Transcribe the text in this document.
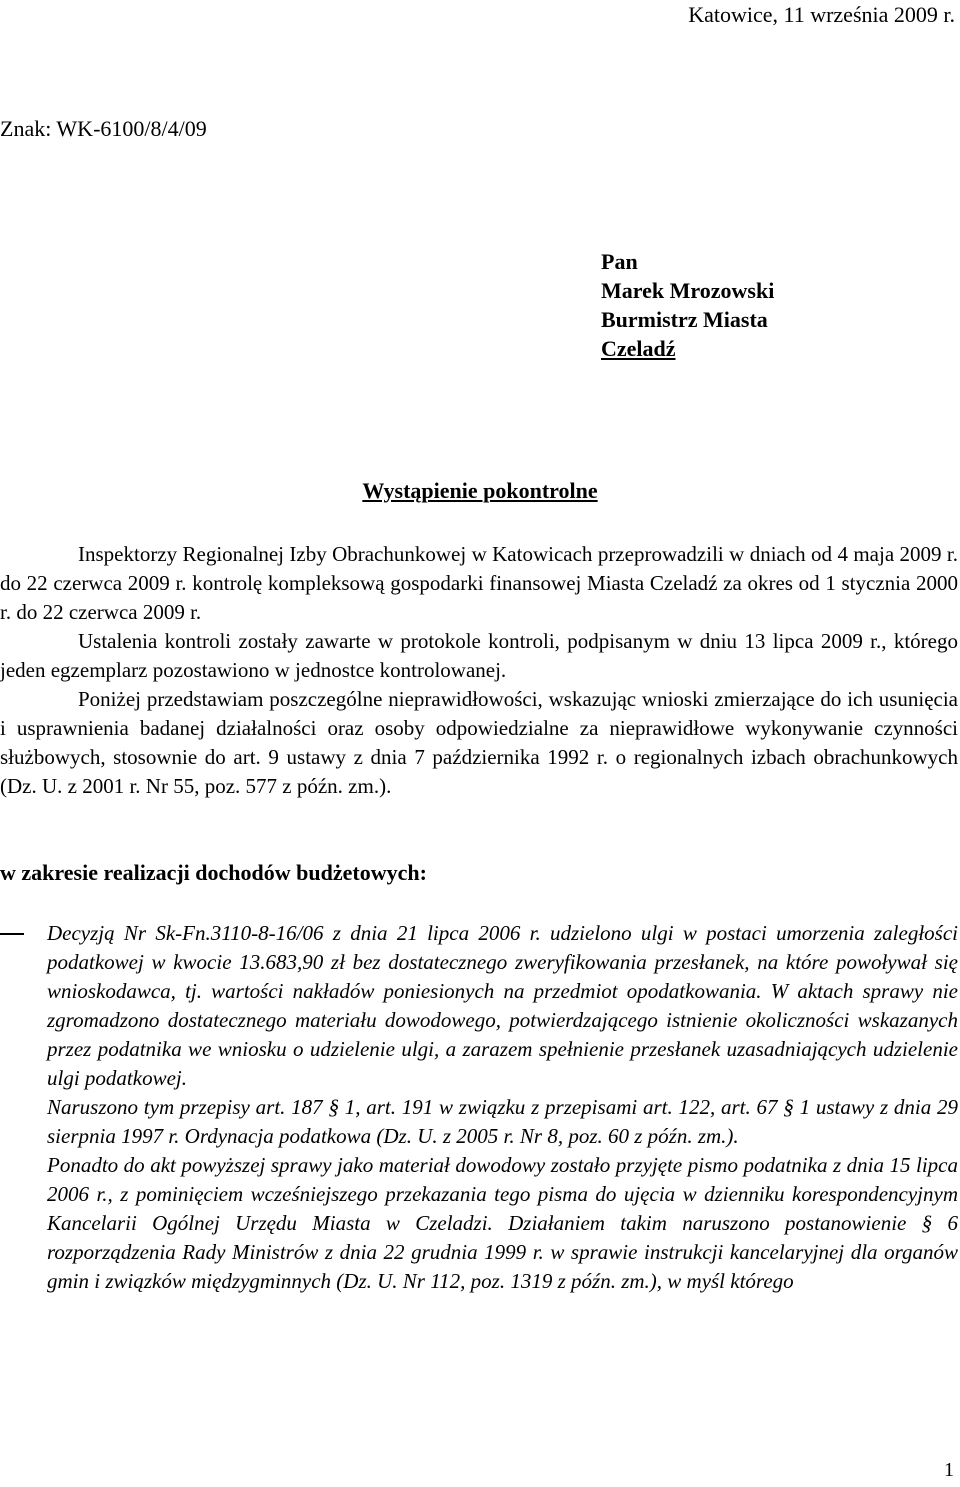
Katowice, 11 września 2009 r.
Znak: WK-6100/8/4/09
Pan
Marek Mrozowski
Burmistrz Miasta
Czeladź
Wystąpienie pokontrolne

Inspektorzy Regionalnej Izby Obrachunkowej w Katowicach przeprowadzili w dniach od 4 maja 2009 r. do 22 czerwca 2009 r. kontrolę kompleksową gospodarki finansowej Miasta Czeladź za okres od 1 stycznia 2000 r. do 22 czerwca 2009 r.

Ustalenia kontroli zostały zawarte w protokole kontroli, podpisanym w dniu 13 lipca 2009 r., którego jeden egzemplarz pozostawiono w jednostce kontrolowanej.

Poniżej przedstawiam poszczególne nieprawidłowości, wskazując wnioski zmierzające do ich usunięcia i usprawnienia badanej działalności oraz osoby odpowiedzialne za nieprawidłowe wykonywanie czynności służbowych, stosownie do art. 9 ustawy z dnia 7 października 1992 r. o regionalnych izbach obrachunkowych (Dz. U. z 2001 r. Nr 55, poz. 577 z późn. zm.).

w zakresie realizacji dochodów budżetowych:

Decyzją Nr Sk-Fn.3110-8-16/06 z dnia 21 lipca 2006 r. udzielono ulgi w postaci umorzenia zaległości podatkowej w kwocie 13.683,90 zł bez dostatecznego zweryfikowania przesłanek, na które powoływał się wnioskodawca, tj. wartości nakładów poniesionych na przedmiot opodatkowania. W aktach sprawy nie zgromadzono dostatecznego materiału dowodowego, potwierdzającego istnienie okoliczności wskazanych przez podatnika we wniosku o udzielenie ulgi, a zarazem spełnienie przesłanek uzasadniających udzielenie ulgi podatkowej.

Naruszono tym przepisy art. 187 § 1, art. 191 w związku z przepisami art. 122, art. 67 § 1 ustawy z dnia 29 sierpnia 1997 r. Ordynacja podatkowa (Dz. U. z 2005 r. Nr 8, poz. 60 z późn. zm.).

Ponadto do akt powyższej sprawy jako materiał dowodowy zostało przyjęte pismo podatnika z dnia 15 lipca 2006 r., z pominięciem wcześniejszego przekazania tego pisma do ujęcia w dzienniku korespondencyjnym Kancelarii Ogólnej Urzędu Miasta w Czeladzi. Działaniem takim naruszono postanowienie § 6 rozporządzenia Rady Ministrów z dnia 22 grudnia 1999 r. w sprawie instrukcji kancelaryjnej dla organów gmin i związków międzygminnych (Dz. U. Nr 112, poz. 1319 z późn. zm.), w myśl którego

1
